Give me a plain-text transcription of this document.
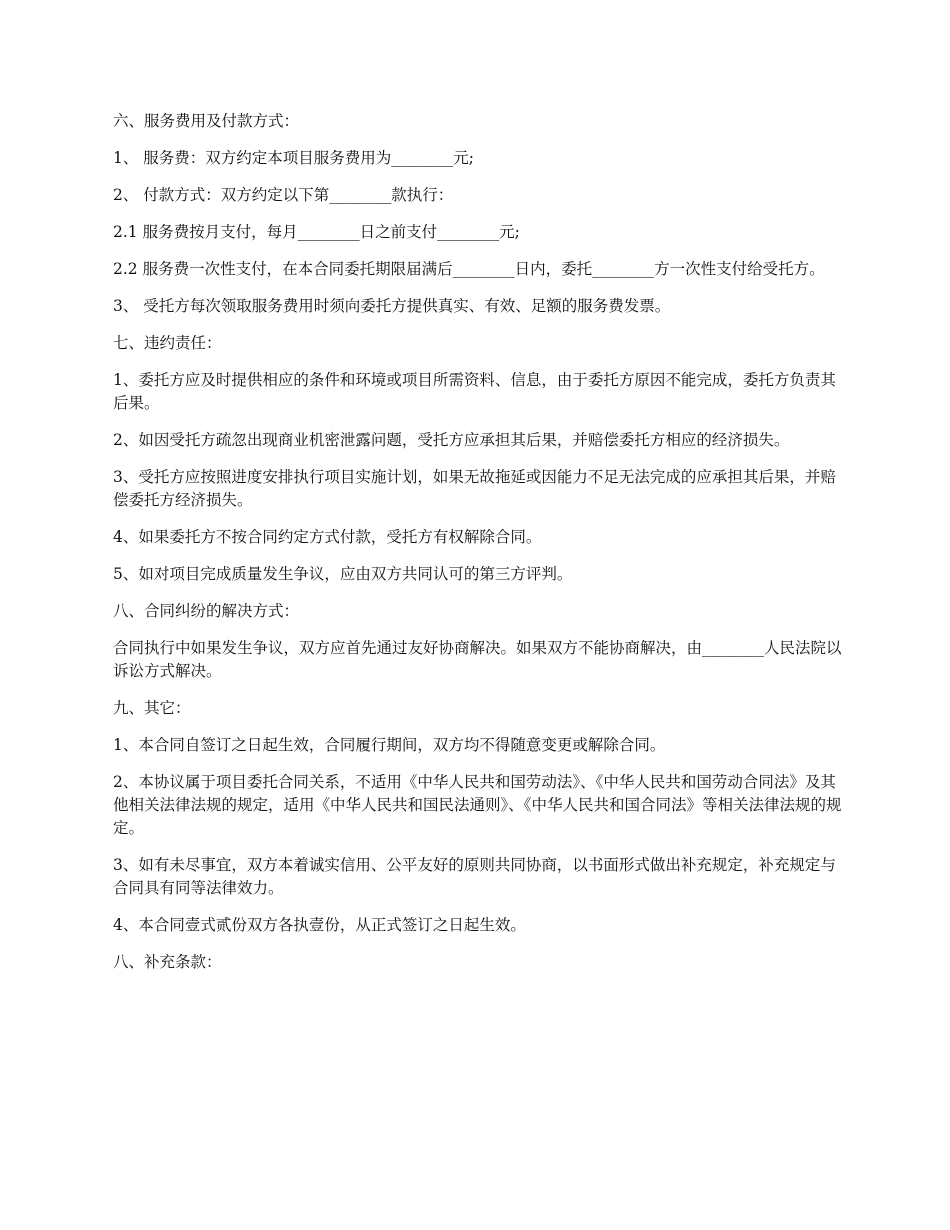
六、服务费用及付款方式：

1、 服务费：双方约定本项目服务费用为________元;

2、 付款方式：双方约定以下第________款执行：

2.1 服务费按月支付，每月________日之前支付________元;

2.2 服务费一次性支付，在本合同委托期限届满后________日内，委托________方一次性支付给受托方。

3、 受托方每次领取服务费用时须向委托方提供真实、有效、足额的服务费发票。

七、违约责任：

1、委托方应及时提供相应的条件和环境或项目所需资料、信息，由于委托方原因不能完成，委托方负责其后果。

2、如因受托方疏忽出现商业机密泄露问题，受托方应承担其后果，并赔偿委托方相应的经济损失。

3、受托方应按照进度安排执行项目实施计划，如果无故拖延或因能力不足无法完成的应承担其后果，并赔偿委托方经济损失。

4、如果委托方不按合同约定方式付款，受托方有权解除合同。

5、如对项目完成质量发生争议，应由双方共同认可的第三方评判。

八、合同纠纷的解决方式：

合同执行中如果发生争议，双方应首先通过友好协商解决。如果双方不能协商解决，由________人民法院以诉讼方式解决。

九、其它：

1、本合同自签订之日起生效，合同履行期间，双方均不得随意变更或解除合同。

2、本协议属于项目委托合同关系，不适用《中华人民共和国劳动法》、《中华人民共和国劳动合同法》及其他相关法律法规的规定，适用《中华人民共和国民法通则》、《中华人民共和国合同法》等相关法律法规的规定。

3、如有未尽事宜，双方本着诚实信用、公平友好的原则共同协商，以书面形式做出补充规定，补充规定与合同具有同等法律效力。

4、本合同壹式贰份双方各执壹份，从正式签订之日起生效。

八、补充条款：
